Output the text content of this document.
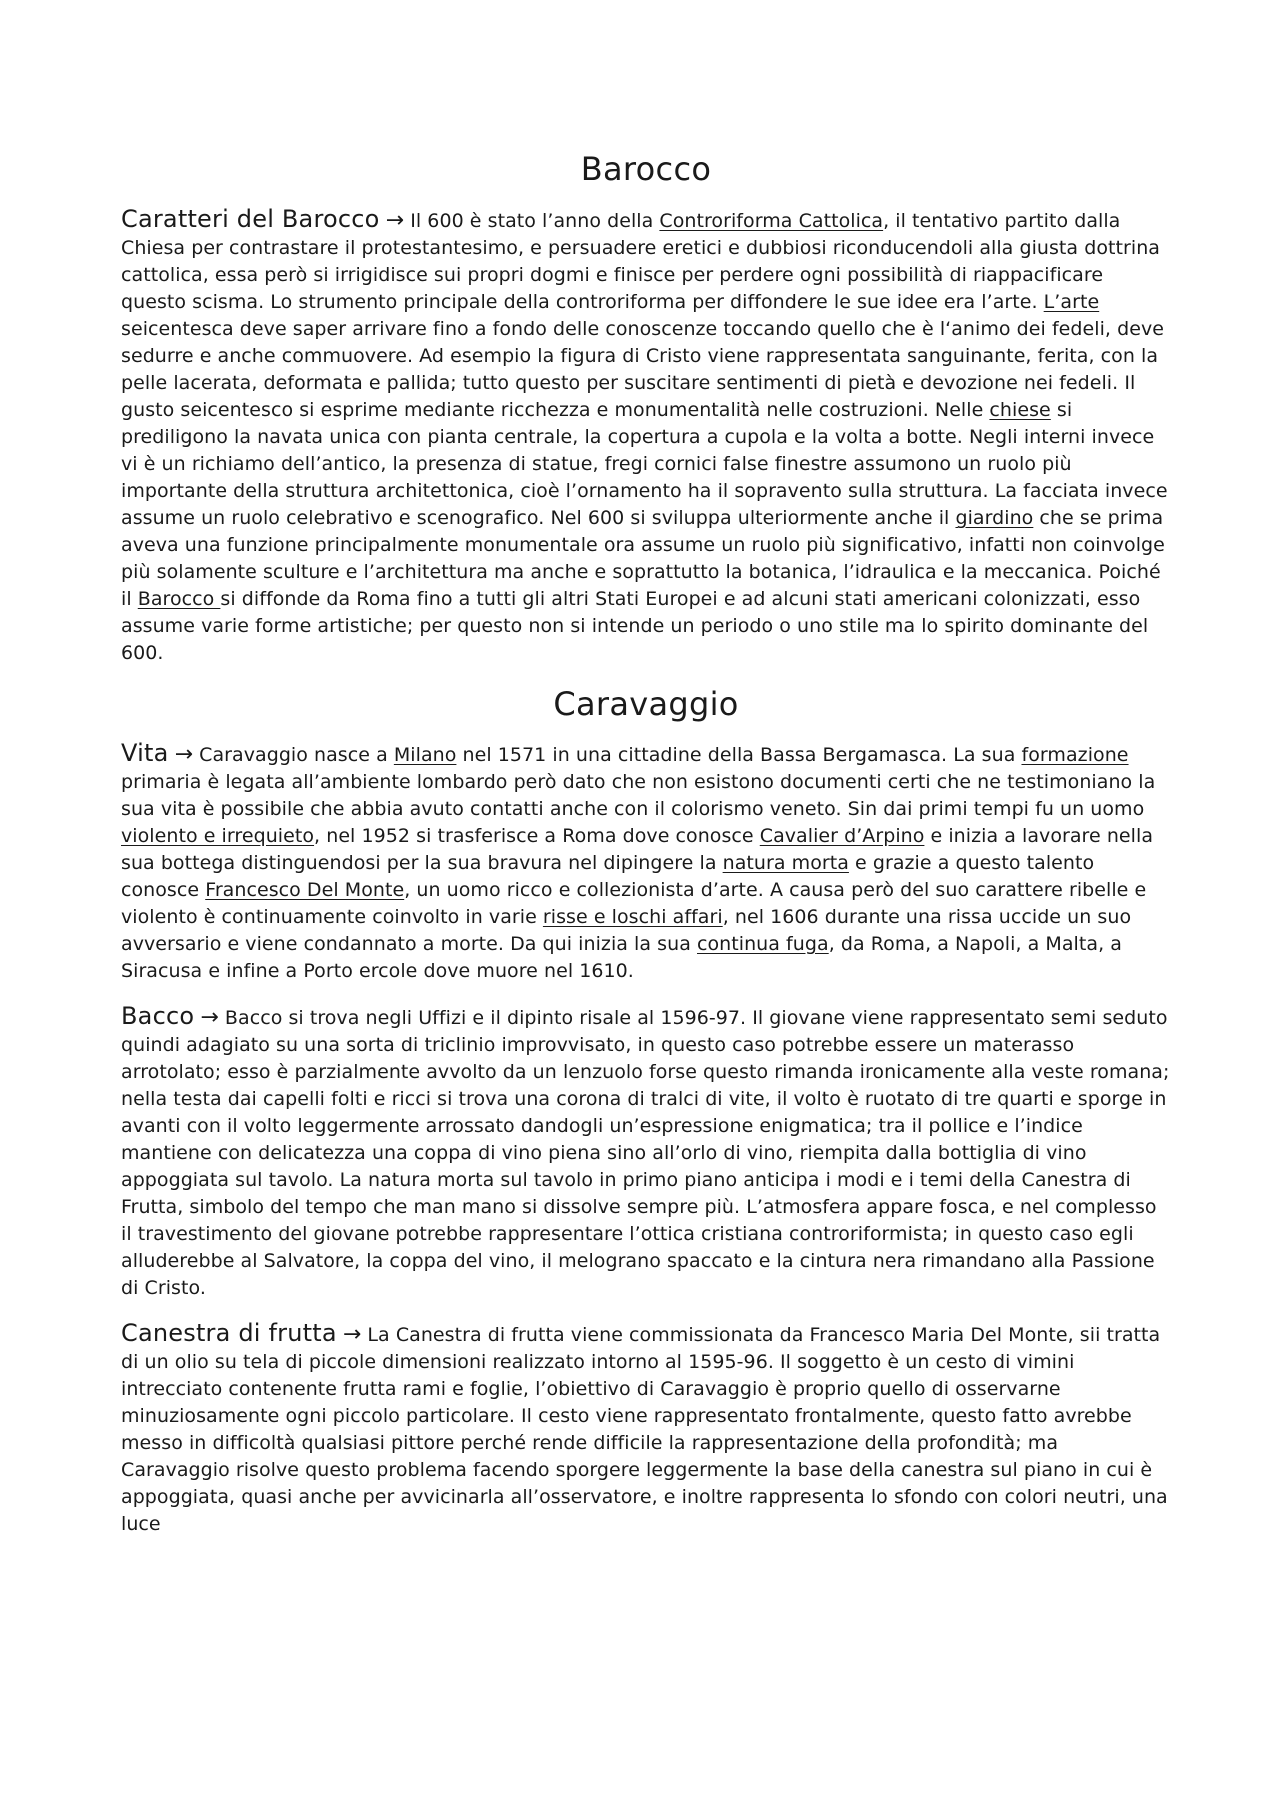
Barocco

Caratteri del Barocco → Il 600 è stato l’anno della Controriforma Cattolica, il tentativo partito dalla Chiesa per contrastare il protestantesimo, e persuadere eretici e dubbiosi riconducendoli alla giusta dottrina cattolica, essa però si irrigidisce sui propri dogmi e finisce per perdere ogni possibilità di riappacificare questo scisma. Lo strumento principale della controriforma per diffondere le sue idee era l’arte. L’arte seicentesca deve saper arrivare fino a fondo delle conoscenze toccando quello che è l‘animo dei fedeli, deve sedurre e anche commuovere. Ad esempio la figura di Cristo viene rappresentata sanguinante, ferita, con la pelle lacerata, deformata e pallida; tutto questo per suscitare sentimenti di pietà e devozione nei fedeli. Il gusto seicentesco si esprime mediante ricchezza e monumentalità nelle costruzioni. Nelle chiese si prediligono la navata unica con pianta centrale, la copertura a cupola e la volta a botte. Negli interni invece vi è un richiamo dell’antico, la presenza di statue, fregi cornici false finestre assumono un ruolo più importante della struttura architettonica, cioè l’ornamento ha il sopravento sulla struttura. La facciata invece assume un ruolo celebrativo e scenografico. Nel 600 si sviluppa ulteriormente anche il giardino che se prima aveva una funzione principalmente monumentale ora assume un ruolo più significativo, infatti non coinvolge più solamente sculture e l’architettura ma anche e soprattutto la botanica, l’idraulica e la meccanica. Poiché il Barocco si diffonde da Roma fino a tutti gli altri Stati Europei e ad alcuni stati americani colonizzati, esso assume varie forme artistiche; per questo non si intende un periodo o uno stile ma lo spirito dominante del 600.

Caravaggio

Vita → Caravaggio nasce a Milano nel 1571 in una cittadine della Bassa Bergamasca. La sua formazione primaria è legata all’ambiente lombardo però dato che non esistono documenti certi che ne testimoniano la sua vita è possibile che abbia avuto contatti anche con il colorismo veneto. Sin dai primi tempi fu un uomo violento e irrequieto, nel 1952 si trasferisce a Roma dove conosce Cavalier d’Arpino e inizia a lavorare nella sua bottega distinguendosi per la sua bravura nel dipingere la natura morta e grazie a questo talento conosce Francesco Del Monte, un uomo ricco e collezionista d’arte. A causa però del suo carattere ribelle e violento è continuamente coinvolto in varie risse e loschi affari, nel 1606 durante una rissa uccide un suo avversario e viene condannato a morte. Da qui inizia la sua continua fuga, da Roma, a Napoli, a Malta, a Siracusa e infine a Porto ercole dove muore nel 1610.

Bacco → Bacco si trova negli Uffizi e il dipinto risale al 1596-97. Il giovane viene rappresentato semi seduto quindi adagiato su una sorta di triclinio improvvisato, in questo caso potrebbe essere un materasso arrotolato; esso è parzialmente avvolto da un lenzuolo forse questo rimanda ironicamente alla veste romana; nella testa dai capelli folti e ricci si trova una corona di tralci di vite, il volto è ruotato di tre quarti e sporge in avanti con il volto leggermente arrossato dandogli un’espressione enigmatica; tra il pollice e l’indice mantiene con delicatezza una coppa di vino piena sino all’orlo di vino, riempita dalla bottiglia di vino appoggiata sul tavolo. La natura morta sul tavolo in primo piano anticipa i modi e i temi della Canestra di Frutta, simbolo del tempo che man mano si dissolve sempre più. L’atmosfera appare fosca, e nel complesso il travestimento del giovane potrebbe rappresentare l’ottica cristiana controriformista; in questo caso egli alluderebbe al Salvatore, la coppa del vino, il melograno spaccato e la cintura nera rimandano alla Passione di Cristo.

Canestra di frutta → La Canestra di frutta viene commissionata da Francesco Maria Del Monte, sii tratta di un olio su tela di piccole dimensioni realizzato intorno al 1595-96. Il soggetto è un cesto di vimini intrecciato contenente frutta rami e foglie, l’obiettivo di Caravaggio è proprio quello di osservarne minuziosamente ogni piccolo particolare. Il cesto viene rappresentato frontalmente, questo fatto avrebbe messo in difficoltà qualsiasi pittore perché rende difficile la rappresentazione della profondità; ma Caravaggio risolve questo problema facendo sporgere leggermente la base della canestra sul piano in cui è appoggiata, quasi anche per avvicinarla all’osservatore, e inoltre rappresenta lo sfondo con colori neutri, una luce
